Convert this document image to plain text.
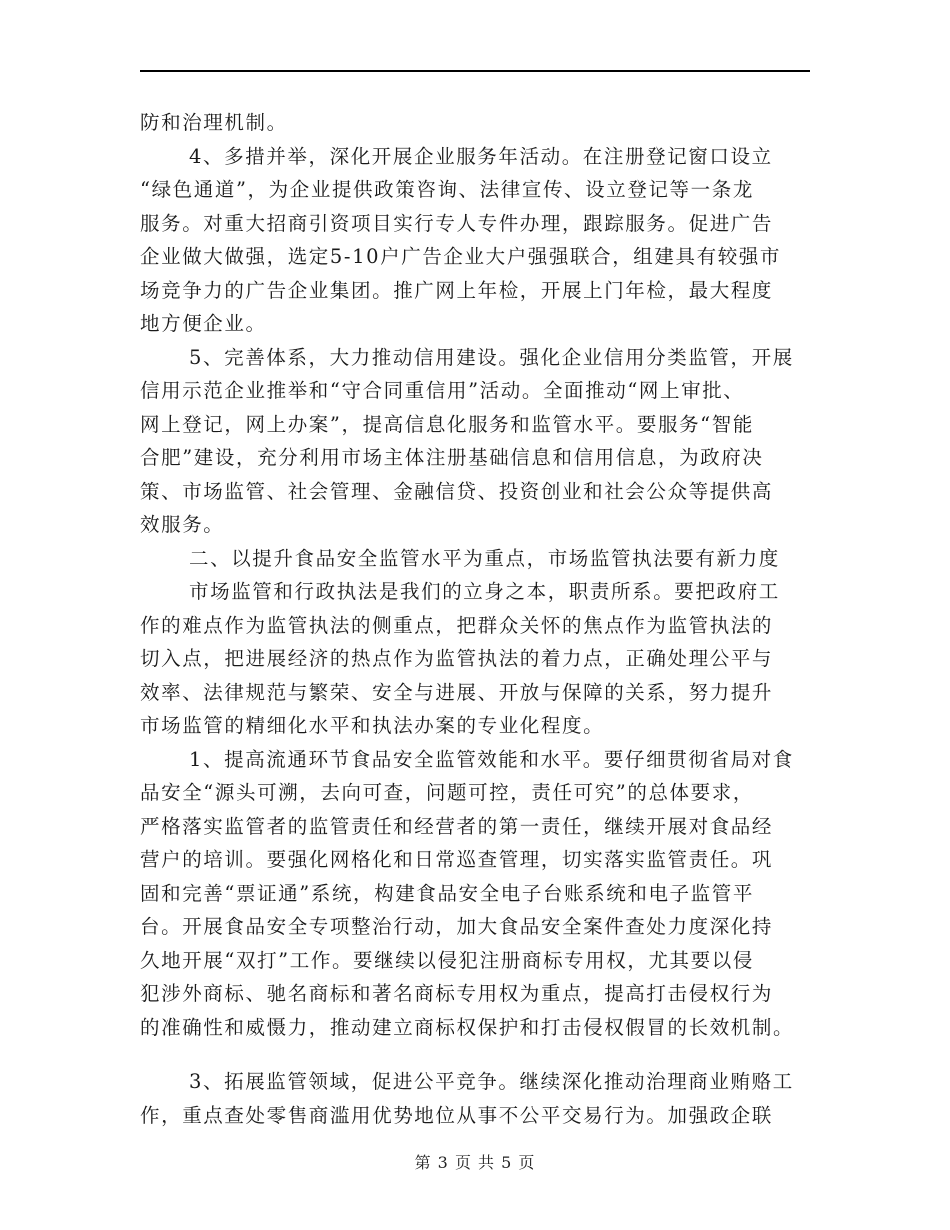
防和治理机制。
4、多措并举，深化开展企业服务年活动。在注册登记窗口设立
“绿色通道”，为企业提供政策咨询、法律宣传、设立登记等一条龙
服务。对重大招商引资项目实行专人专件办理，跟踪服务。促进广告
企业做大做强，选定5-10户广告企业大户强强联合，组建具有较强市
场竞争力的广告企业集团。推广网上年检，开展上门年检，最大程度
地方便企业。
5、完善体系，大力推动信用建设。强化企业信用分类监管，开展
信用示范企业推举和“守合同重信用”活动。全面推动“网上审批、
网上登记，网上办案”，提高信息化服务和监管水平。要服务“智能
合肥”建设，充分利用市场主体注册基础信息和信用信息，为政府决
策、市场监管、社会管理、金融信贷、投资创业和社会公众等提供高
效服务。
二、以提升食品安全监管水平为重点，市场监管执法要有新力度
市场监管和行政执法是我们的立身之本，职责所系。要把政府工
作的难点作为监管执法的侧重点，把群众关怀的焦点作为监管执法的
切入点，把进展经济的热点作为监管执法的着力点，正确处理公平与
效率、法律规范与繁荣、安全与进展、开放与保障的关系，努力提升
市场监管的精细化水平和执法办案的专业化程度。
1、提高流通环节食品安全监管效能和水平。要仔细贯彻省局对食
品安全“源头可溯，去向可查，问题可控，责任可究”的总体要求，
严格落实监管者的监管责任和经营者的第一责任，继续开展对食品经
营户的培训。要强化网格化和日常巡查管理，切实落实监管责任。巩
固和完善“票证通”系统，构建食品安全电子台账系统和电子监管平
台。开展食品安全专项整治行动，加大食品安全案件查处力度深化持
久地开展“双打”工作。要继续以侵犯注册商标专用权，尤其要以侵
犯涉外商标、驰名商标和著名商标专用权为重点，提高打击侵权行为
的准确性和威慑力，推动建立商标权保护和打击侵权假冒的长效机制。
3、拓展监管领域，促进公平竞争。继续深化推动治理商业贿赂工
作，重点查处零售商滥用优势地位从事不公平交易行为。加强政企联
第 3 页 共 5 页
